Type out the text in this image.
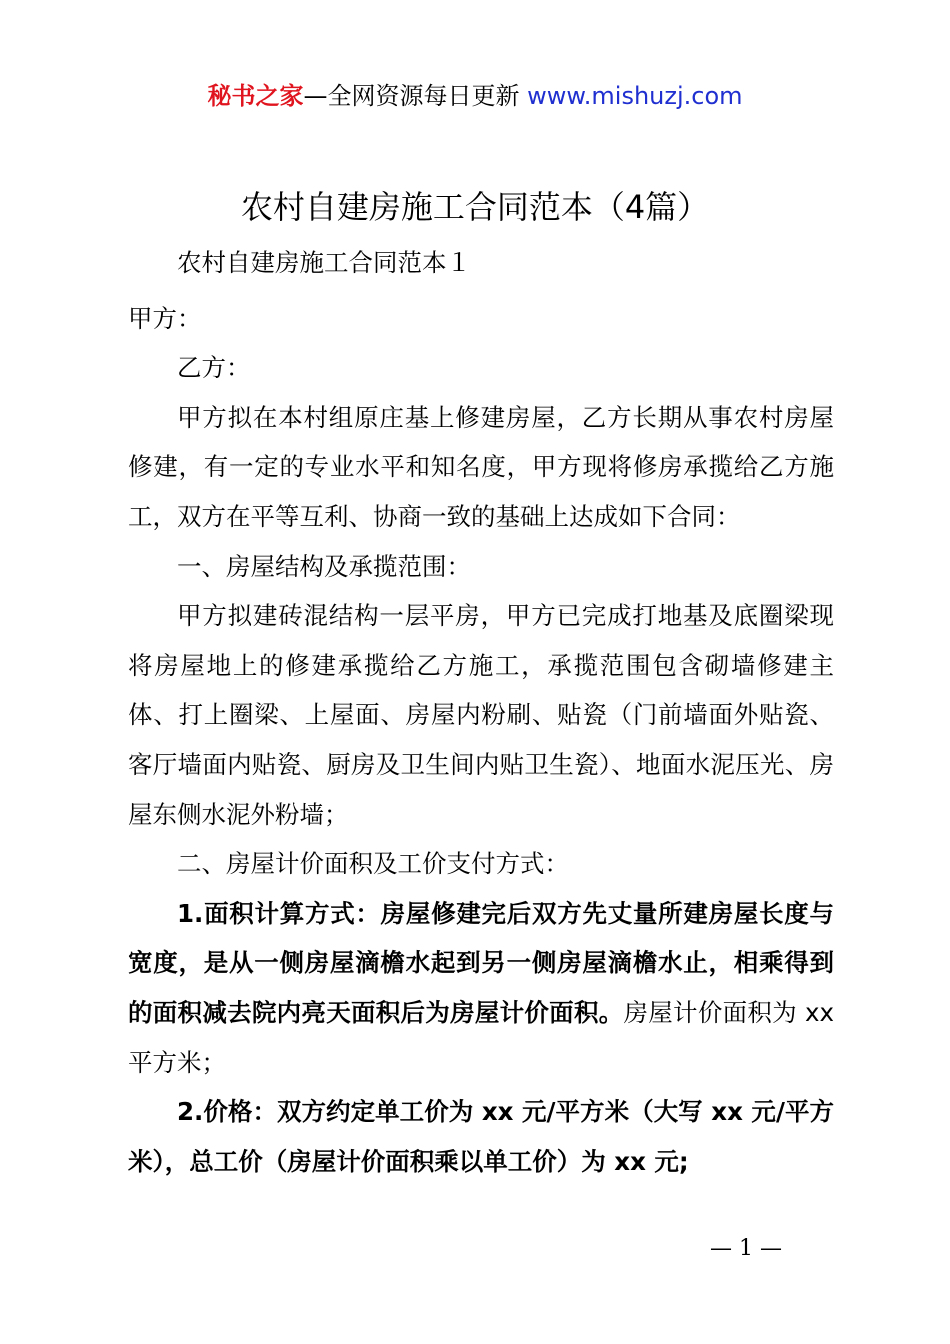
秘书之家—全网资源每日更新 www.mishuzj.com
农村自建房施工合同范本（4篇）

农村自建房施工合同范本１

甲方：

乙方：

甲方拟在本村组原庄基上修建房屋，乙方长期从事农村房屋修建，有一定的专业水平和知名度，甲方现将修房承揽给乙方施工，双方在平等互利、协商一致的基础上达成如下合同：

一、房屋结构及承揽范围：

甲方拟建砖混结构一层平房，甲方已完成打地基及底圈梁现将房屋地上的修建承揽给乙方施工，承揽范围包含砌墙修建主体、打上圈梁、上屋面、房屋内粉刷、贴瓷（门前墙面外贴瓷、客厅墙面内贴瓷、厨房及卫生间内贴卫生瓷）、地面水泥压光、房屋东侧水泥外粉墙；

二、房屋计价面积及工价支付方式：

1.面积计算方式：房屋修建完后双方先丈量所建房屋长度与宽度，是从一侧房屋滴檐水起到另一侧房屋滴檐水止，相乘得到的面积减去院内亮天面积后为房屋计价面积。房屋计价面积为 xx 平方米；

2.价格：双方约定单工价为 xx 元/平方米（大写 xx 元/平方米），总工价（房屋计价面积乘以单工价）为 xx 元;

— 1 —
